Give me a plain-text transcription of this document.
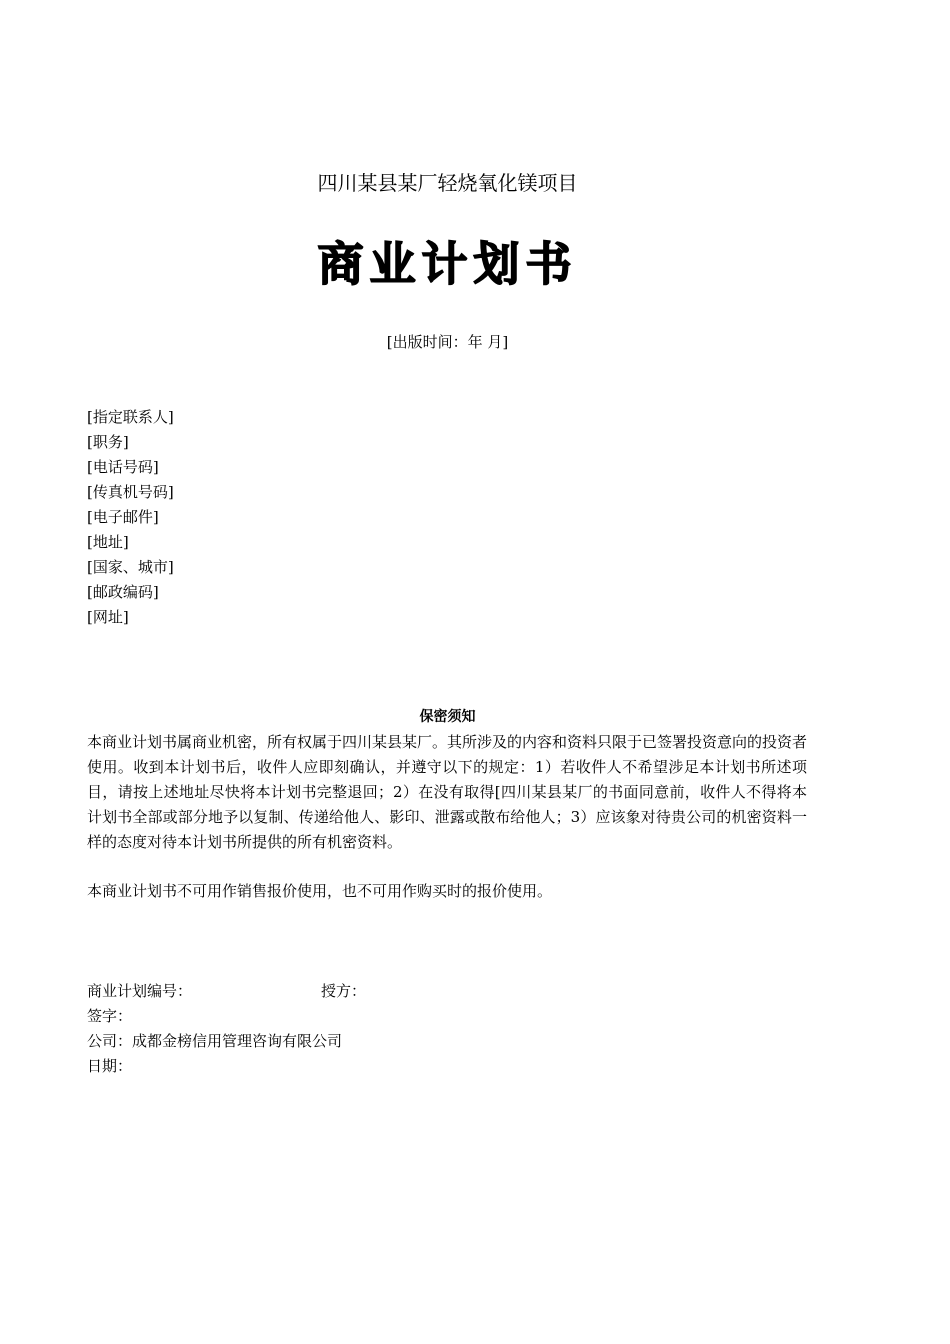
四川某县某厂轻烧氧化镁项目
商业计划书
[出版时间：年 月]
[指定联系人]
[职务]
[电话号码]
[传真机号码]
[电子邮件]
[地址]
[国家、城市]
[邮政编码]
[网址]
保密须知

本商业计划书属商业机密，所有权属于四川某县某厂。其所涉及的内容和资料只限于已签署投资意向的投资者使用。收到本计划书后，收件人应即刻确认，并遵守以下的规定：1）若收件人不希望涉足本计划书所述项目，请按上述地址尽快将本计划书完整退回；2）在没有取得[四川某县某厂的书面同意前，收件人不得将本计划书全部或部分地予以复制、传递给他人、影印、泄露或散布给他人；3）应该象对待贵公司的机密资料一样的态度对待本计划书所提供的所有机密资料。

本商业计划书不可用作销售报价使用，也不可用作购买时的报价使用。

商业计划编号：	授方：
签字：
公司：成都金榜信用管理咨询有限公司
日期：
